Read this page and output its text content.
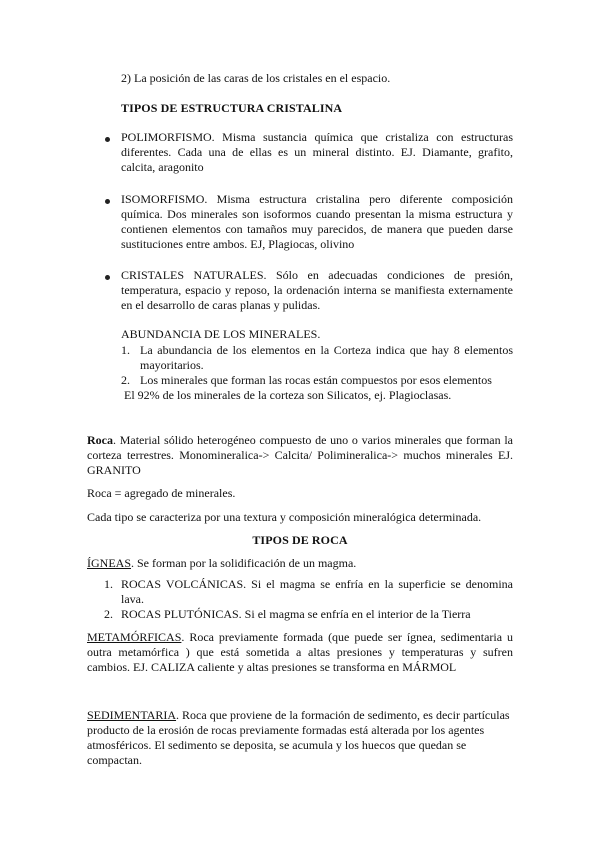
2) La posición de las caras de los cristales en el espacio.
TIPOS DE ESTRUCTURA CRISTALINA
POLIMORFISMO. Misma sustancia química que cristaliza con estructuras diferentes. Cada una de ellas es un mineral distinto. EJ. Diamante, grafito, calcita, aragonito
ISOMORFISMO. Misma estructura cristalina pero diferente composición química. Dos minerales son isoformos cuando presentan la misma estructura y contienen elementos con tamaños muy parecidos, de manera que pueden darse sustituciones entre ambos. EJ, Plagiocas, olivino
CRISTALES NATURALES. Sólo en adecuadas condiciones de presión, temperatura, espacio y reposo, la ordenación interna se manifiesta externamente en el desarrollo de caras planas y pulidas.
ABUNDANCIA DE LOS MINERALES.
1. La abundancia de los elementos en la Corteza indica que hay 8 elementos mayoritarios.
2. Los minerales que forman las rocas están compuestos por esos elementos
El 92% de los minerales de la corteza son Silicatos, ej. Plagioclasas.
Roca. Material sólido heterogéneo compuesto de uno o varios minerales que forman la corteza terrestres. Monomineralica-> Calcita/ Polimineralica-> muchos minerales EJ. GRANITO
Roca = agregado de minerales.
Cada tipo se caracteriza por una textura y composición mineralógica determinada.
TIPOS DE ROCA
ÍGNEAS. Se forman por la solidificación de un magma.
1. ROCAS VOLCÁNICAS. Si el magma se enfría en la superficie se denomina lava.
2. ROCAS PLUTÓNICAS. Si el magma se enfría en el interior de la Tierra
METAMÓRFICAS. Roca previamente formada (que puede ser ígnea, sedimentaria u outra metamórfica ) que está sometida a altas presiones y temperaturas y sufren cambios. EJ. CALIZA caliente y altas presiones se transforma en MÁRMOL
SEDIMENTARIA. Roca que proviene de la formación de sedimento, es decir partículas producto de la erosión de rocas previamente formadas está alterada por los agentes atmosféricos. El sedimento se deposita, se acumula y los huecos que quedan se compactan.
